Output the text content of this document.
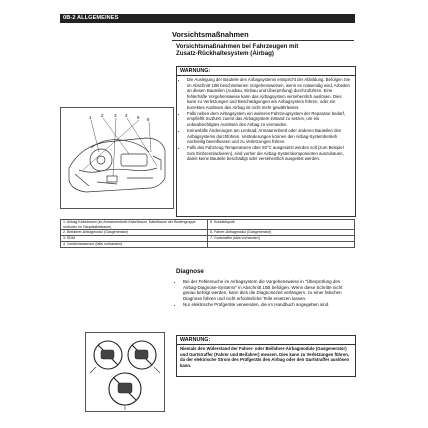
0B-2 ALLGEMEINES
Vorsichtsmaßnahmen
Vorsichtsmaßnahmen bei Fahrzeugen mit
Zusatz-Rückhaltesystem (Airbag)
WARNUNG:
• Die Auslegung der Bauteile des Airbagsystems entspricht der Abbildung. Befolgen Sie im Abschnitt 10B beschriebenen Vorgehensweisen, wenn es notwendig wird, Arbeiten an diesen Bauteilen (Ausbau, Einbau und Überprüfung) durchzuführen. Eine fehlerhafte Vorgehensweise kann das Airbagsystem versehentlich auslösen. Dies kann zu Verletzungen und Beschädigungen am Airbagsystem führen, oder ein korrektes Auslösen des Airbag ist nicht mehr gewährleistet.
• Falls neben dem Airbagsystem ein weiteres Fahrzeugsystem der Reparatur bedarf, empfiehlt SUZUKI zuerst das Airbagsystem instand zu setzen, um ein unbeabsichtigtes Auslösen des Airbag zu vermeiden.
• Keinesfalls Änderungen am Lenkrad, Armaturenbrett oder anderen Bauteilen des Airbagsystems durchführen. Veränderungen können den Airbag-Systembetrieb nachteilig beeinflussen und zu Verletzungen führen.
• Falls des Fahrzeug Temperaturen über 93°C ausgesetzt werden soll (zum Beispiel zum Einbrennlackieren), sind vorher die Airbag-Systemkomponenten auszubauen, damit keine Bauteile beschädigt oder versehentlich ausgelöst werden.
1 2 3 4 5 6
1. Airbag-Kabelbaum (im Armaturenbrett-Kabelbaum, Kabelbaum der Bodengruppe und/oder im Hauptkabelbaum)	5. Kontaktspule
2. Beifahrer-Airbagmodul (Gasgenerator)	6. Fahrer-Airbagmodul (Gasgenerator)
3. SDM	7. Gurtstraffer (falls vorhanden)
4. Vorderbausensor (falls vorhanden)	
Diagnose
• Bei der Fehlersuche im Airbagsystem die Vorgehensweise in "Überprüfung des Airbag-Diagnose-Systems" in Abschnitt 10B befolgen. Wenn diese Schritte nicht genau befolgt werden, kann dies die Diagnosezeit verlängern, zu einer falschen Diagnose führen und nicht erforderliche Teile ersetzen lassen.
• Nur elektrische Prüfgeräte verwenden, die im Handbuch angegeben sind.
WARNUNG:

Niemals den Widerstand der Fahrer- oder Beifahrer-Airbagmodule (Gasgenerator) und Gurtstraffer (Fahrer und Beifahrer) messen. Dies kann zu Verletzungen führen, da der elektrische Strom des Prüfgeräts den Airbag oder den Gurtstraffer auslösen kann.
